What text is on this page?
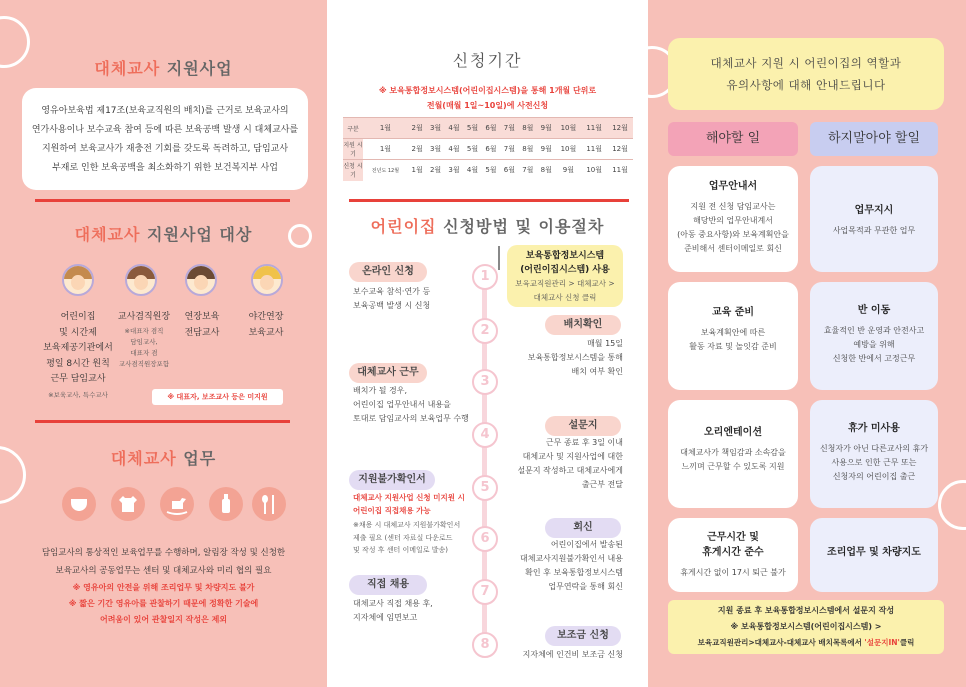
대체교사 지원사업
영유아보육법 제17조(보육교직원의 배치)를 근거로 보육교사의
연가사용이나 보수교육 참여 등에 따른 보육공백 발생 시 대체교사를
지원하여 보육교사가 재충전 기회를 갖도록 독려하고, 담임교사
부재로 인한 보육공백을 최소화하기 위한 보건복지부 사업
대체교사 지원사업 대상
어린이집
및 시간제
보육제공기관에서
평일 8시간 원칙
근무 담임교사
※보육교사, 특수교사
교사겸직원장
※대표자 겸직
담임교사,
대표자 겸
교사겸직원장포함
연장보육
전담교사
야간연장
보육교사
※ 대표자, 보조교사 등은 미지원
대체교사 업무
담임교사의 통상적인 보육업무를 수행하며, 알림장 작성 및 신청한
보육교사의 공동업무는 센터 및 대체교사와 미리 협의 필요
※ 영유아의 안전을 위해 조리업무 및 차량지도 불가
※ 짧은 기간 영유아를 관찰하기 때문에 정확한 기술에
어려움이 있어 관찰일지 작성은 제외
신청기간
※ 보육통합정보시스템(어린이집시스템)을 통해 1개월 단위로
전월(매월 1일~10일)에 사전신청
구분	1월	2월	3월	4월	5월	6월	7월	8월	9월	10월	11월	12월
지원 시기	1월	2월	3월	4월	5월	6월	7월	8월	9월	10월	11월	12월
신청 시기	전년도 12월	1월	2월	3월	4월	5월	6월	7월	8월	9월	10월	11월
어린이집 신청방법 및 이용절차
보육통합정보시스템
(어린이집시스템) 사용
보육교직원관리 > 대체교사 >
대체교사 신청 클릭
1
2
3
4
5
6
7
8
온라인 신청
보수교육 참석·연가 등
보육공백 발생 시 신청
배치확인
매월 15일
보육통합정보시스템을 통해
배치 여부 확인
대체교사 근무
배치가 될 경우,
어린이집 업무안내서 내용을
토대로 담임교사의 보육업무 수행
설문지
근무 종료 후 3일 이내
대체교사 및 지원사업에 대한
설문지 작성하고 대체교사에게
출근부 전달
지원불가확인서
대체교사 지원사업 신청 미지원 시
어린이집 직접채용 가능
※채용 시 대체교사 지원불가확인서
제출 필요 (센터 자료실 다운로드
및 작성 후 센터 이메일로 발송)
회신
어린이집에서 발송된
대체교사지원불가확인서 내용
확인 후 보육통합정보시스템
업무연락을 통해 회신
직접 채용
대체교사 직접 채용 후,
지자체에 임면보고
보조금 신청
지자체에 인건비 보조금 신청
대체교사 지원 시 어린이집의 역할과
유의사항에 대해 안내드립니다
해야할 일	하지말아야 할일
업무안내서
지원 전 신청 담임교사는
해당반의 업무안내계서
(아동 중요사항)와 보육계획안을
준비해서 센터이메일로 회신
교육 준비
보육계획안에 따른
활동 자료 및 놀잇감 준비
오리엔테이션
대체교사가 책임감과 소속감을
느끼며 근무할 수 있도록 지원
근무시간 및
휴게시간 준수
휴게시간 없이 17시 퇴근 불가
업무지시
사업목적과 무관한 업무
반 이동
효율적인 반 운영과 안전사고
예방을 위해
신청한 반에서 고정근무
휴가 미사용
신청자가 아닌 다른교사의 휴가
사용으로 인한 근무 또는
신청자의 어린이집 출근
조리업무 및 차량지도
지원 종료 후 보육통합정보시스템에서 설문지 작성
※ 보육통합정보시스템(어린이집시스템) >
보육교직원관리>대체교사-대체교사 배치목록에서 '설문지IN'클릭
